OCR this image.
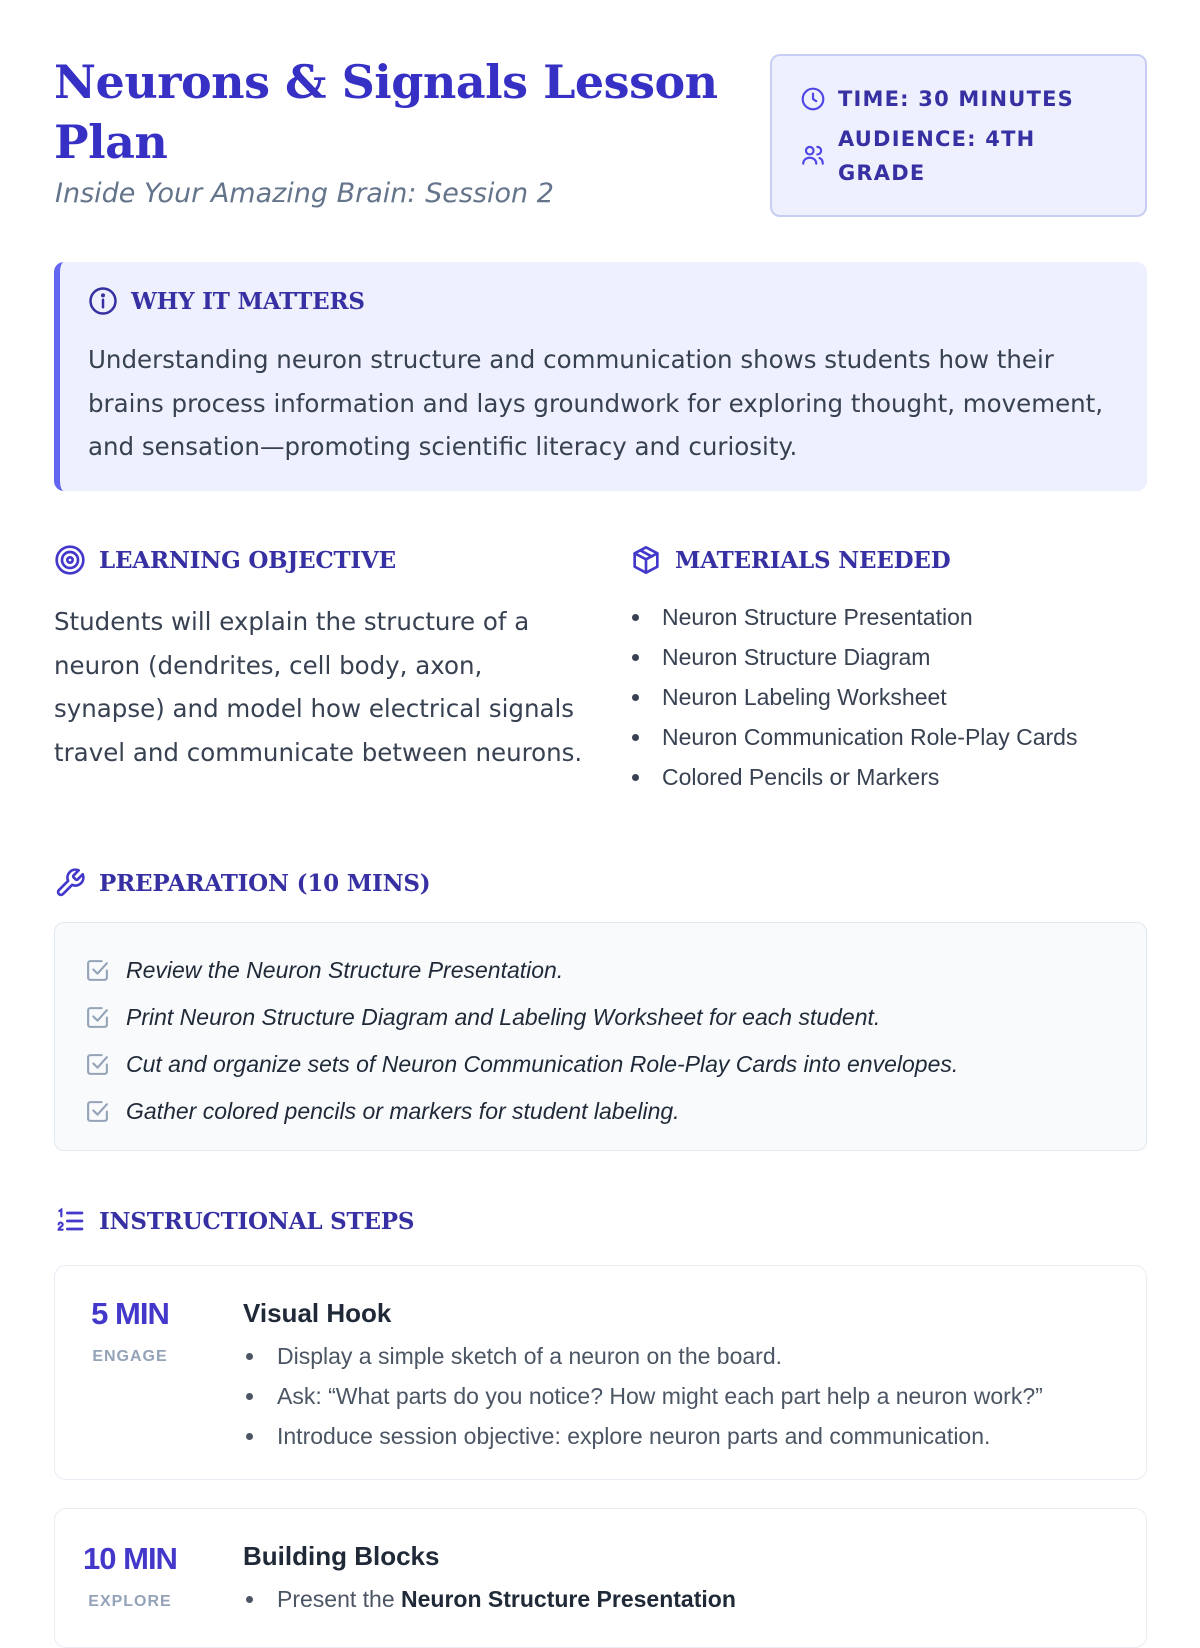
Neurons & Signals Lesson Plan
Inside Your Amazing Brain: Session 2
TIME: 30 MINUTES
AUDIENCE: 4TH GRADE
WHY IT MATTERS

Understanding neuron structure and communication shows students how their brains process information and lays groundwork for exploring thought, movement, and sensation—promoting scientific literacy and curiosity.

LEARNING OBJECTIVE

Students will explain the structure of a neuron (dendrites, cell body, axon, synapse) and model how electrical signals travel and communicate between neurons.

MATERIALS NEEDED
Neuron Structure Presentation
Neuron Structure Diagram
Neuron Labeling Worksheet
Neuron Communication Role-Play Cards
Colored Pencils or Markers
PREPARATION (10 MINS)
Review the Neuron Structure Presentation.
Print Neuron Structure Diagram and Labeling Worksheet for each student.
Cut and organize sets of Neuron Communication Role-Play Cards into envelopes.
Gather colored pencils or markers for student labeling.
INSTRUCTIONAL STEPS
5 MIN
ENGAGE
Visual Hook
Display a simple sketch of a neuron on the board.
Ask: “What parts do you notice? How might each part help a neuron work?”
Introduce session objective: explore neuron parts and communication.
10 MIN
EXPLORE
Building Blocks
Present the Neuron Structure Presentation
